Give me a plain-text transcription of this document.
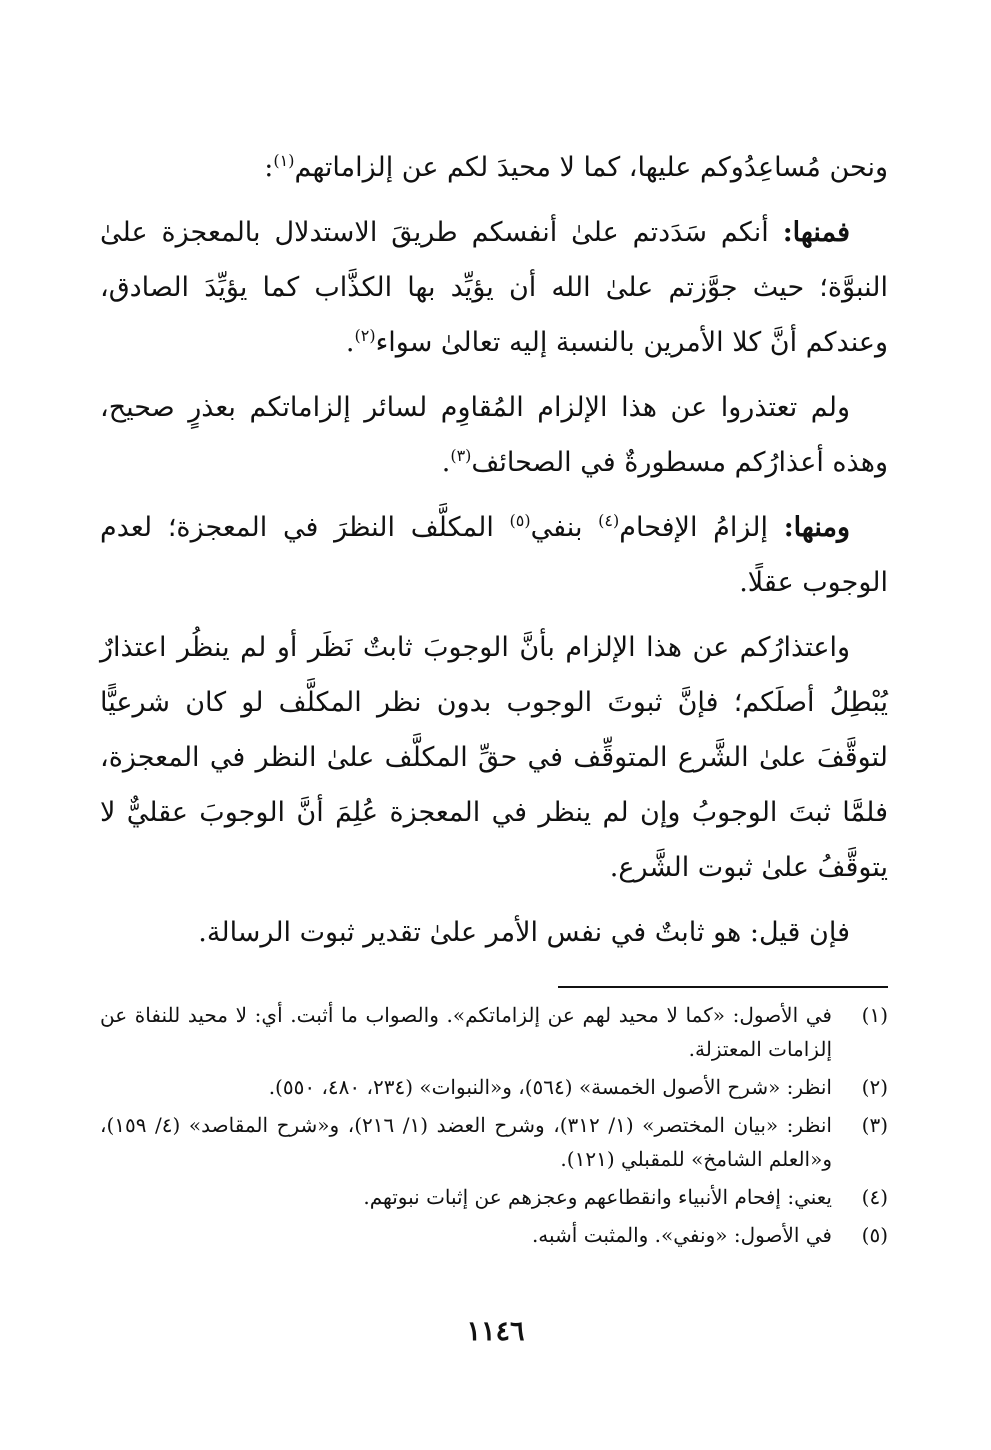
ونحن مُساعِدُوكم عليها، كما لا محيدَ لكم عن إلزاماتهم$^{(١)}$:

فمنها: أنكم سَدَدتم علىٰ أنفسكم طريقَ الاستدلال بالمعجزة علىٰ النبوَّة؛ حيث جوَّزتم علىٰ الله أن يؤيِّد بها الكذَّاب كما يؤيِّدَ الصادق، وعندكم أنَّ كلا الأمرين بالنسبة إليه تعالىٰ سواء$^{(٢)}$.

ولم تعتذروا عن هذا الإلزام المُقاوِم لسائر إلزاماتكم بعذرٍ صحيح، وهذه أعذارُكم مسطورةٌ في الصحائف$^{(٣)}$.

ومنها: إلزامُ الإفحام$^{(٤)}$ بنفي$^{(٥)}$ المكلَّف النظرَ في المعجزة؛ لعدم الوجوب عقلًا.

واعتذارُكم عن هذا الإلزام بأنَّ الوجوبَ ثابتٌ نَظَر أو لم ينظُر اعتذارٌ يُبْطِلُ أصلَكم؛ فإنَّ ثبوتَ الوجوب بدون نظر المكلَّف لو كان شرعيًّا لتوقَّفَ علىٰ الشَّرع المتوقِّف في حقِّ المكلَّف علىٰ النظر في المعجزة، فلمَّا ثبتَ الوجوبُ وإن لم ينظر في المعجزة عُلِمَ أنَّ الوجوبَ عقليٌّ لا يتوقَّفُ علىٰ ثبوت الشَّرع.

فإن قيل: هو ثابتٌ في نفس الأمر علىٰ تقدير ثبوت الرسالة.

(١)
في الأصول: «كما لا محيد لهم عن إلزاماتكم». والصواب ما أثبت. أي: لا محيد للنفاة عن إلزامات المعتزلة.
(٢)
انظر: «شرح الأصول الخمسة» (٥٦٤)، و«النبوات» (٢٣٤، ٤٨٠، ٥٥٠).
(٣)
انظر: «بيان المختصر» (١/ ٣١٢)، وشرح العضد (١/ ٢١٦)، و«شرح المقاصد» (٤/ ١٥٩)، و«العلم الشامخ» للمقبلي (١٢١).
(٤)
يعني: إفحام الأنبياء وانقطاعهم وعجزهم عن إثبات نبوتهم.
(٥)
في الأصول: «ونفي». والمثبت أشبه.
١١٤٦
